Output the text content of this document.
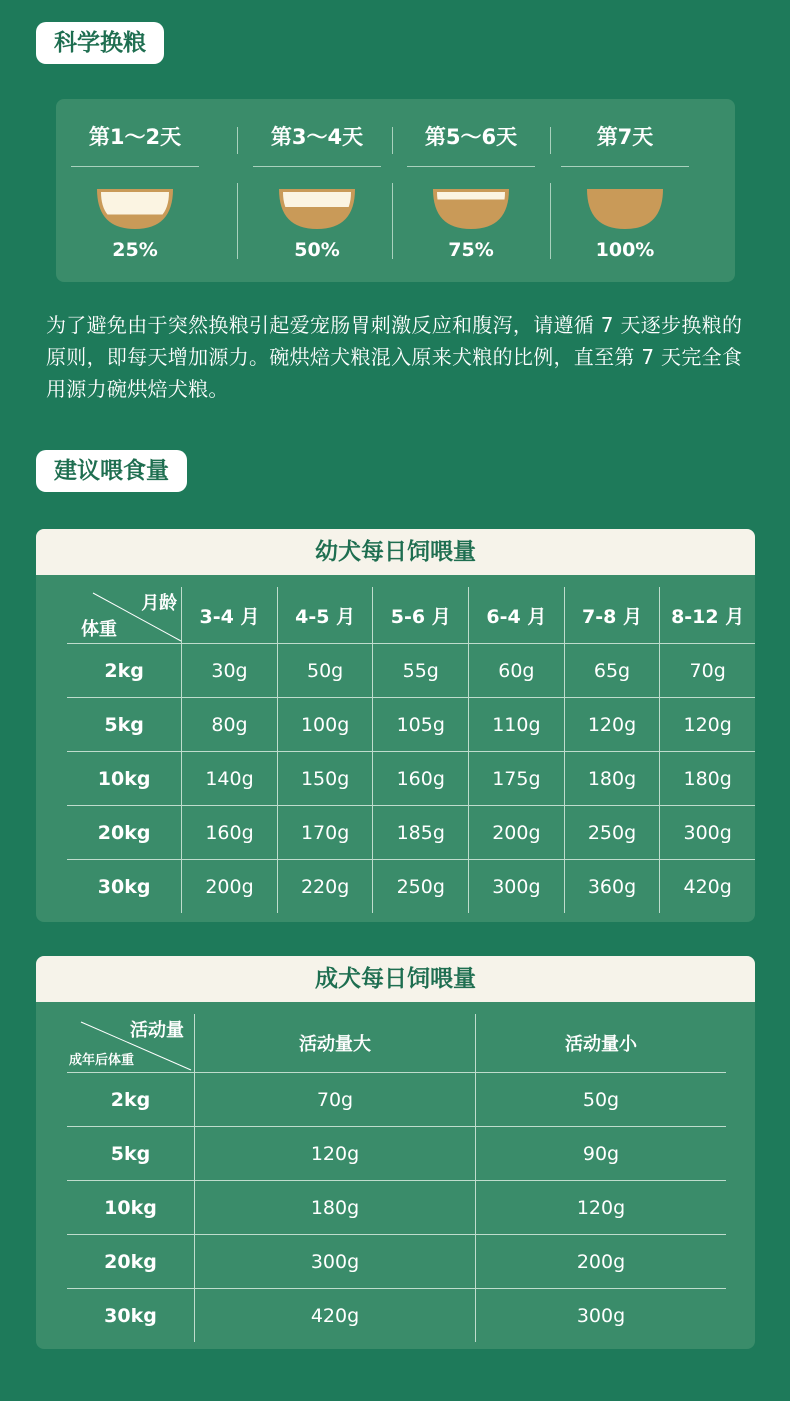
科学换粮
第1～2天
25%
第3～4天
50%
第5～6天
75%
第7天
100%
为了避免由于突然换粮引起爱宠肠胃刺激反应和腹泻，请遵循 7 天逐步换粮的原则，即每天增加源力。碗烘焙犬粮混入原来犬粮的比例，直至第 7 天完全食用源力碗烘焙犬粮。
建议喂食量
幼犬每日饲喂量
月龄
体重	3-4 月	4-5 月	5-6 月	6-4 月	7-8 月	8-12 月
2kg	30g	50g	55g	60g	65g	70g
5kg	80g	100g	105g	110g	120g	120g
10kg	140g	150g	160g	175g	180g	180g
20kg	160g	170g	185g	200g	250g	300g
30kg	200g	220g	250g	300g	360g	420g
成犬每日饲喂量
活动量
成年后体重	活动量大	活动量小
2kg	70g	50g
5kg	120g	90g
10kg	180g	120g
20kg	300g	200g
30kg	420g	300g
